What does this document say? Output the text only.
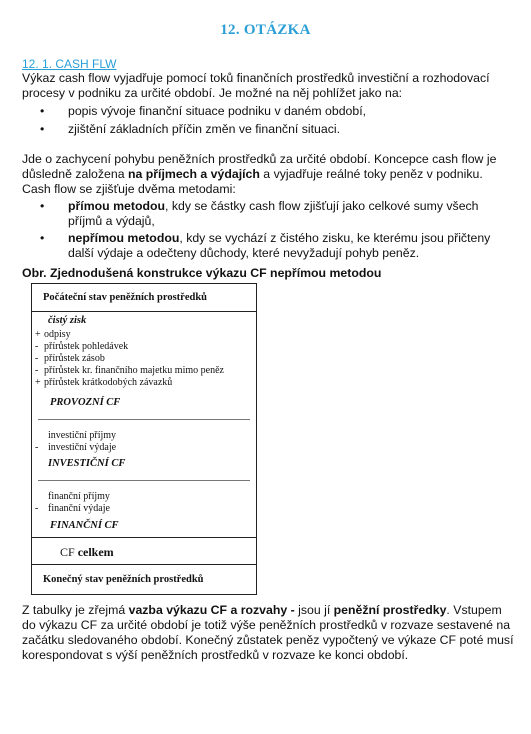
12. OTÁZKA
12. 1. CASH FLW
Výkaz cash flow vyjadřuje pomocí toků finančních prostředků investiční a rozhodovací
procesy v podniku za určité období. Je možné na něj pohlížet jako na:
• popis vývoje finanční situace podniku v daném období,
• zjištění základních příčin změn ve finanční situaci.
Jde o zachycení pohybu peněžních prostředků za určité období. Koncepce cash flow je
důsledně založena na příjmech a výdajích a vyjadřuje reálné toky peněz v podniku.
Cash flow se zjišťuje dvěma metodami:
• přímou metodou, kdy se částky cash flow zjišťují jako celkové sumy všech
příjmů a výdajů,
• nepřímou metodou, kdy se vychází z čistého zisku, ke kterému jsou přičteny
další výdaje a odečteny důchody, které nevyžadují pohyb peněz.
Obr. Zjednodušená konstrukce výkazu CF nepřímou metodou
Počáteční stav peněžních prostředků
čistý zisk
+ odpisy
- přírůstek pohledávek
- přírůstek zásob
- přírůstek kr. finančního majetku mimo peněz
+ přírůstek krátkodobých závazků
PROVOZNÍ CF
investiční příjmy
- investiční výdaje
INVESTIČNÍ CF
finanční příjmy
- finanční výdaje
CF celkem
FINANČNÍ CF
Konečný stav peněžních prostředků
Z tabulky je zřejmá vazba výkazu CF a rozvahy - jsou jí peněžní prostředky. Vstupem
do výkazu CF za určité období je totiž výše peněžních prostředků v rozvaze sestavené na
začátku sledovaného období. Konečný zůstatek peněz vypočtený ve výkaze CF poté musí
korespondovat s výší peněžních prostředků v rozvaze ke konci období.
